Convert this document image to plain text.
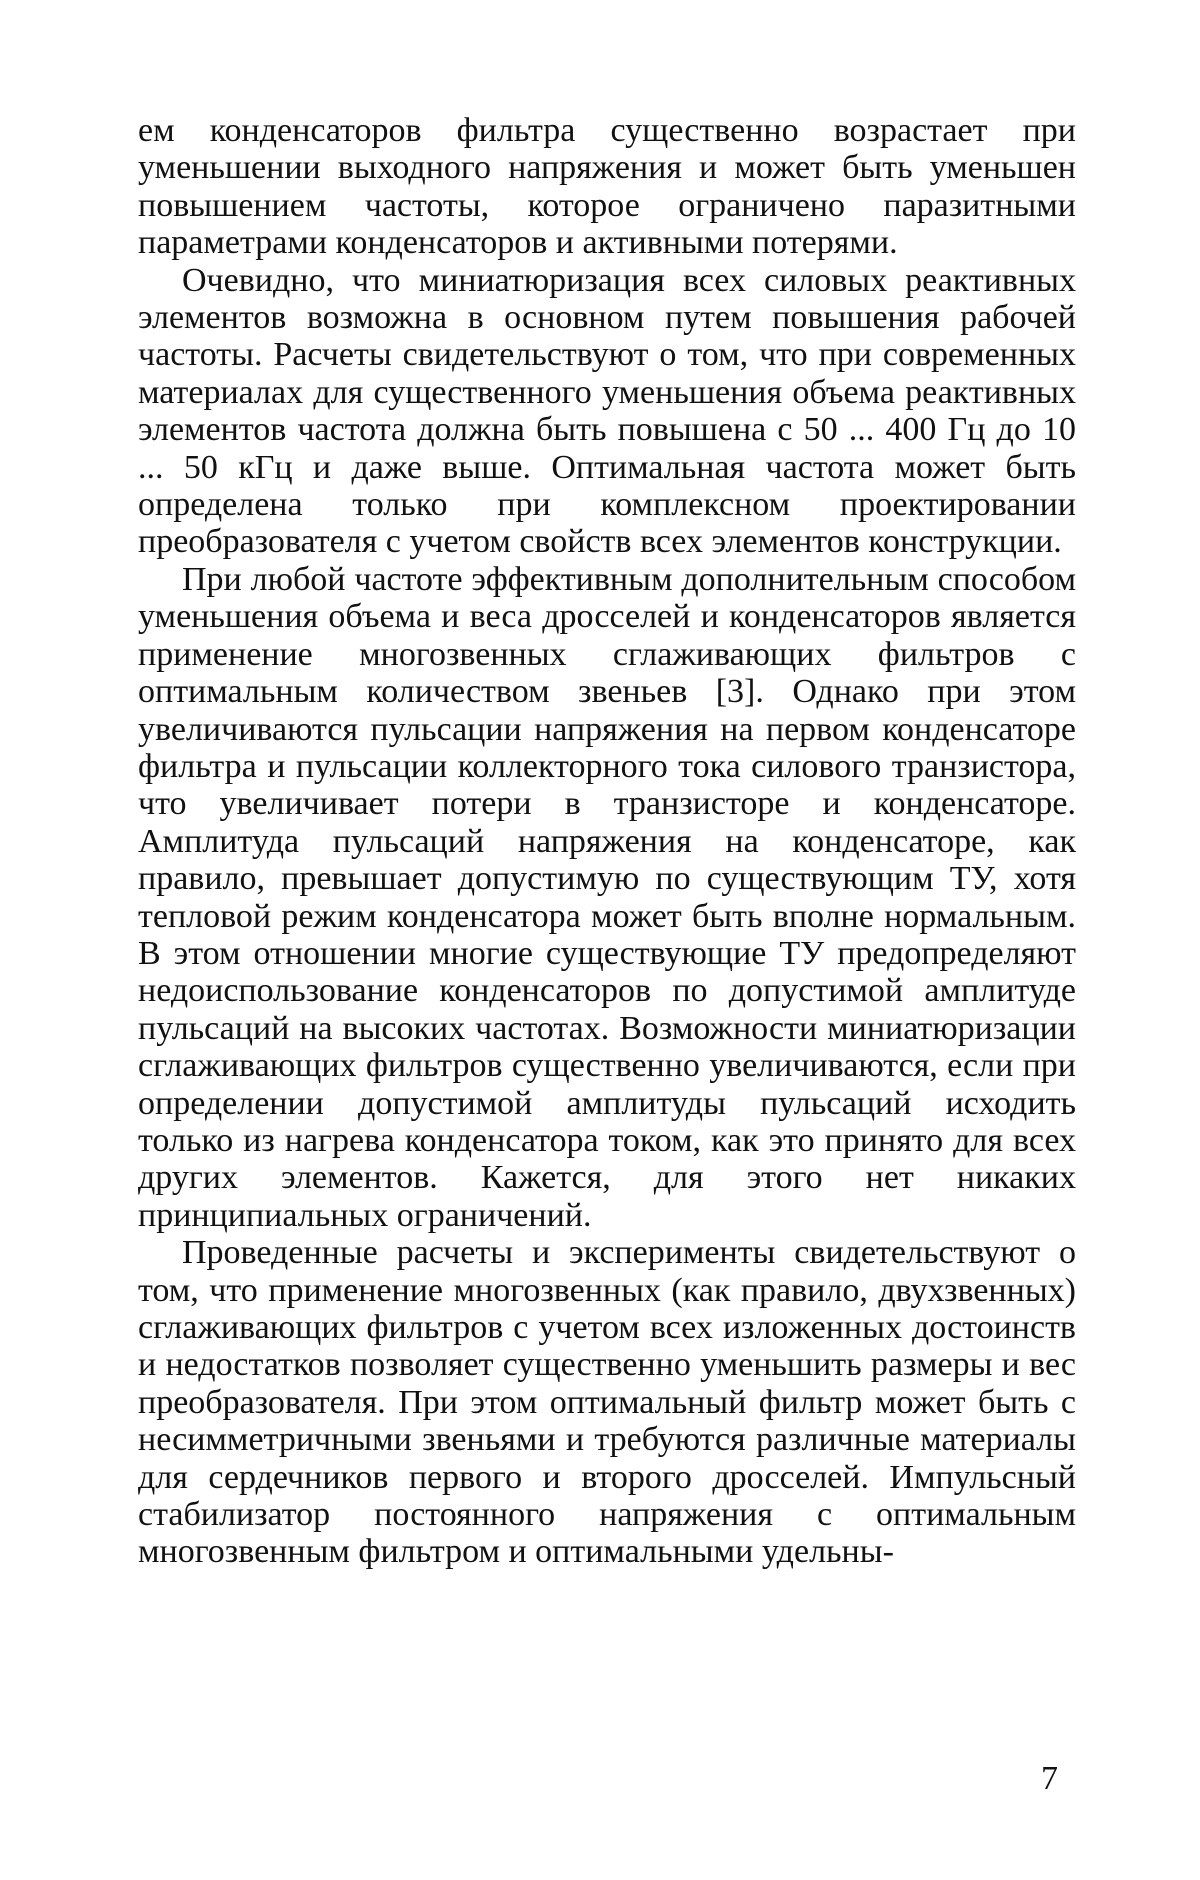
ем конденсаторов фильтра существенно возрастает при уменьшении выходного напряжения и может быть уменьшен повышением частоты, которое ограничено паразитными параметрами конденсаторов и активными потерями.

Очевидно, что миниатюризация всех силовых реактивных элементов возможна в основном путем повышения рабочей частоты. Расчеты свидетельствуют о том, что при современных материалах для существенного уменьшения объема реактивных элементов частота должна быть повышена с 50 ... 400 Гц до 10 ... 50 кГц и даже выше. Оптимальная частота может быть определена только при комплексном проектировании преобразователя с учетом свойств всех элементов конструкции.

При любой частоте эффективным дополнительным способом уменьшения объема и веса дросселей и конденсаторов является применение многозвенных сглаживающих фильтров с оптимальным количеством звеньев [3]. Однако при этом увеличиваются пульсации напряжения на первом конденсаторе фильтра и пульсации коллекторного тока силового транзистора, что увеличивает потери в транзисторе и конденсаторе. Амплитуда пульсаций напряжения на конденсаторе, как правило, превышает допустимую по существующим ТУ, хотя тепловой режим конденсатора может быть вполне нормальным. В этом отношении многие существующие ТУ предопределяют недоиспользование конденсаторов по допустимой амплитуде пульсаций на высоких частотах. Возможности миниатюризации сглаживающих фильтров существенно увеличиваются, если при определении допустимой амплитуды пульсаций исходить только из нагрева конденсатора током, как это принято для всех других элементов. Кажется, для этого нет никаких принципиальных ограничений.

Проведенные расчеты и эксперименты свидетельствуют о том, что применение многозвенных (как правило, двухзвенных) сглаживающих фильтров с учетом всех изложенных достоинств и недостатков позволяет существенно уменьшить размеры и вес преобразователя. При этом оптимальный фильтр может быть с несимметричными звеньями и требуются различные материалы для сердечников первого и второго дросселей. Импульсный стабилизатор постоянного напряжения с оптимальным многозвенным фильтром и оптимальными удельны-

7
